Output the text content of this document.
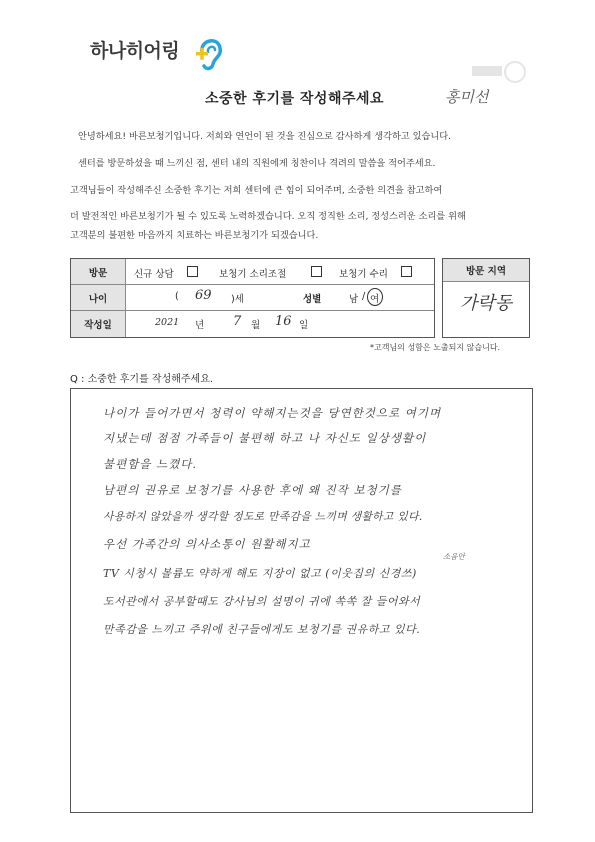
하나히어링
소중한 후기를 작성해주세요	홍미선
안녕하세요! 바른보청기입니다. 저희와 연언이 된 것을 진심으로 감사하게 생각하고 있습니다.
센터를 방문하셨을 때 느끼신 점, 센터 내의 직원에게 칭찬이나 격려의 말씀을 적어주세요.
고객님들이 작성해주신 소중한 후기는 저희 센터에 큰 힘이 되어주며, 소중한 의견을 참고하여
더 발전적인 바른보청기가 될 수 있도록 노력하겠습니다. 오직 정직한 소리, 정성스러운 소리를 위해
고객분의 불편한 마음까지 치료하는 바른보청기가 되겠습니다.
방문	신규 상담	보청기 소리조절	보청기 수리
나이	( 69 )세	성별	남 / 여
작성일	2021 년 7 월 16 일
방문 지역
가락동
*고객님의 성함은 노출되지 않습니다.
Q : 소중한 후기를 작성해주세요.
나이가 들어가면서 청력이 약해지는것을 당연한것으로 여기며
지냈는데 점점 가족들이 불편해 하고 나 자신도 일상생활이
불편함을 느꼈다.
남편의 권유로 보청기를 사용한 후에 왜 진작 보청기를
사용하지 않았을까 생각할 정도로 만족감을 느끼며 생활하고 있다.
우선 가족간의 의사소통이 원활해지고
소음안
TV 시청시 볼륨도 약하게 해도 지장이 없고 (이웃집의 신경쓰)
도서관에서 공부할때도 강사님의 설명이 귀에 쏙쏙 잘 들어와서
만족감을 느끼고 주위에 친구들에게도 보청기를 권유하고 있다.
